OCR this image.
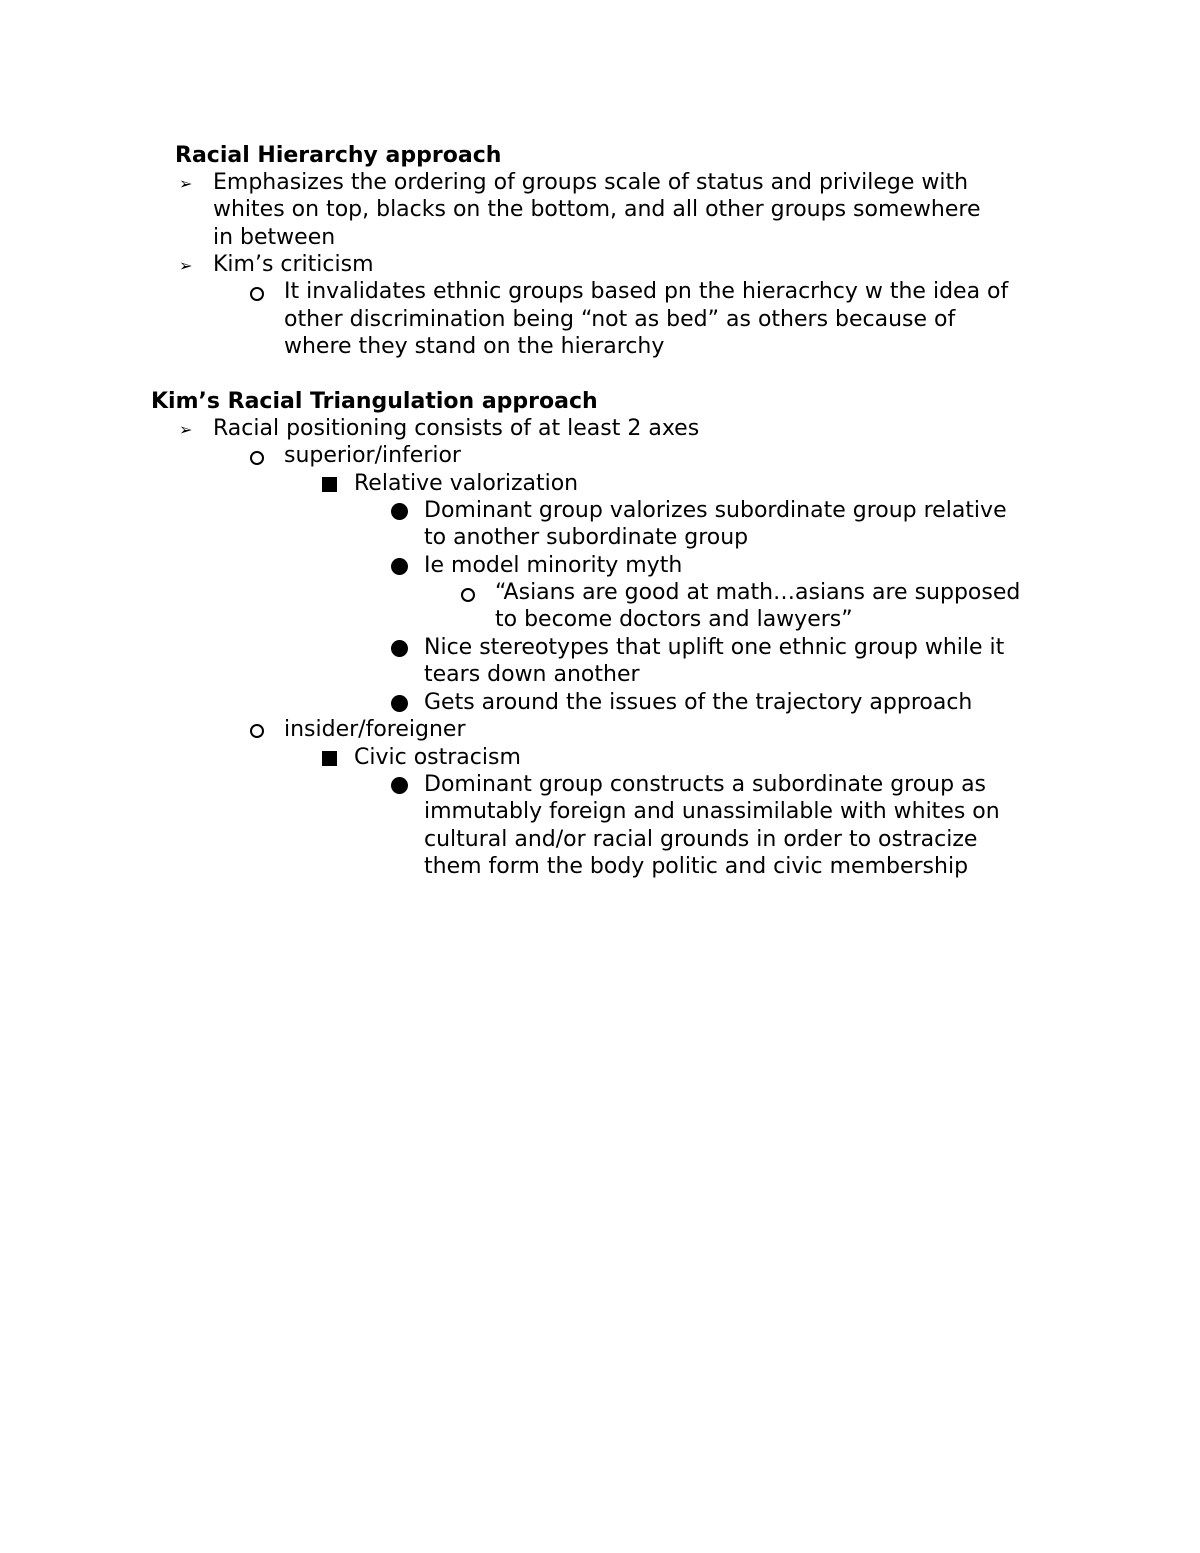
Racial Hierarchy approach
➢ Emphasizes the ordering of groups scale of status and privilege with
whites on top, blacks on the bottom, and all other groups somewhere
in between
➢ Kim’s criticism
It invalidates ethnic groups based pn the hieracrhcy w the idea of
other discrimination being “not as bed” as others because of
where they stand on the hierarchy
Kim’s Racial Triangulation approach
➢ Racial positioning consists of at least 2 axes
superior/inferior
Relative valorization
Dominant group valorizes subordinate group relative
to another subordinate group
Ie model minority myth
“Asians are good at math…asians are supposed
to become doctors and lawyers”
Nice stereotypes that uplift one ethnic group while it
tears down another
Gets around the issues of the trajectory approach
insider/foreigner
Civic ostracism
Dominant group constructs a subordinate group as
immutably foreign and unassimilable with whites on
cultural and/or racial grounds in order to ostracize
them form the body politic and civic membership
